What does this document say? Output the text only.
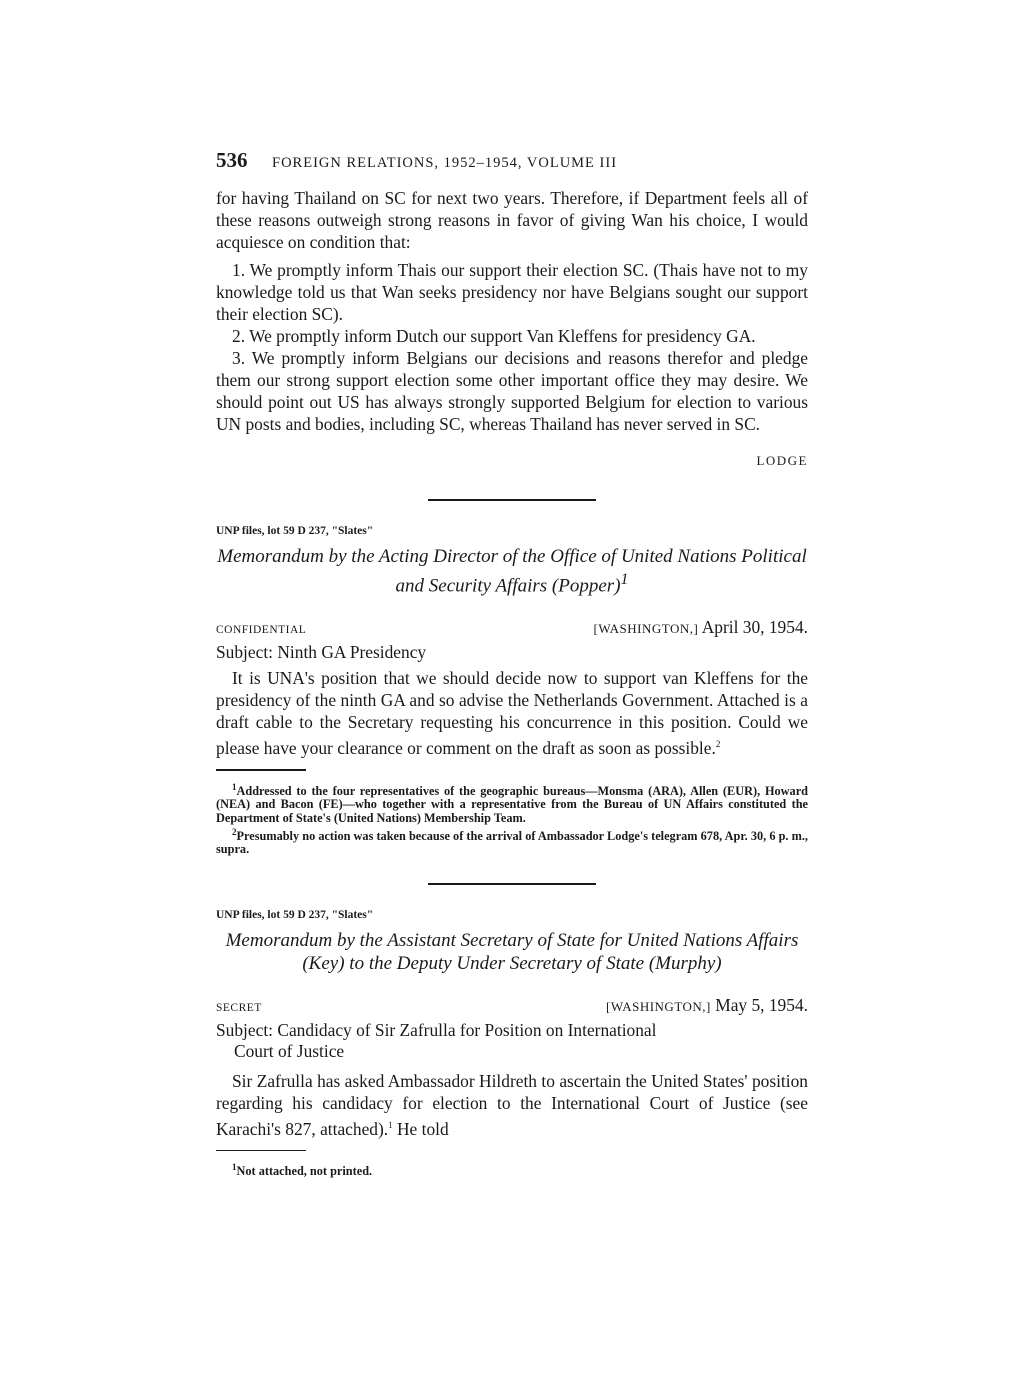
536	FOREIGN RELATIONS, 1952–1954, VOLUME III

for having Thailand on SC for next two years. Therefore, if Department feels all of these reasons outweigh strong reasons in favor of giving Wan his choice, I would acquiesce on condition that:

1. We promptly inform Thais our support their election SC. (Thais have not to my knowledge told us that Wan seeks presidency nor have Belgians sought our support their election SC).

2. We promptly inform Dutch our support Van Kleffens for presidency GA.

3. We promptly inform Belgians our decisions and reasons therefor and pledge them our strong support election some other important office they may desire. We should point out US has always strongly supported Belgium for election to various UN posts and bodies, including SC, whereas Thailand has never served in SC.

LODGE
UNP files, lot 59 D 237, "Slates"
Memorandum by the Acting Director of the Office of United Nations Political and Security Affairs (Popper)$^1$
CONFIDENTIAL	[WASHINGTON,] April 30, 1954.
Subject: Ninth GA Presidency

It is UNA's position that we should decide now to support van Kleffens for the presidency of the ninth GA and so advise the Netherlands Government. Attached is a draft cable to the Secretary requesting his concurrence in this position. Could we please have your clearance or comment on the draft as soon as possible.$^2$

$^1$Addressed to the four representatives of the geographic bureaus—Monsma (ARA), Allen (EUR), Howard (NEA) and Bacon (FE)—who together with a representative from the Bureau of UN Affairs constituted the Department of State's (United Nations) Membership Team.

$^2$Presumably no action was taken because of the arrival of Ambassador Lodge's telegram 678, Apr. 30, 6 p. m., supra.

UNP files, lot 59 D 237, "Slates"
Memorandum by the Assistant Secretary of State for United Nations Affairs (Key) to the Deputy Under Secretary of State (Murphy)
SECRET	[WASHINGTON,] May 5, 1954.
Subject: Candidacy of Sir Zafrulla for Position on International
Court of Justice

Sir Zafrulla has asked Ambassador Hildreth to ascertain the United States' position regarding his candidacy for election to the International Court of Justice (see Karachi's 827, attached).$^1$ He told

$^1$Not attached, not printed.
